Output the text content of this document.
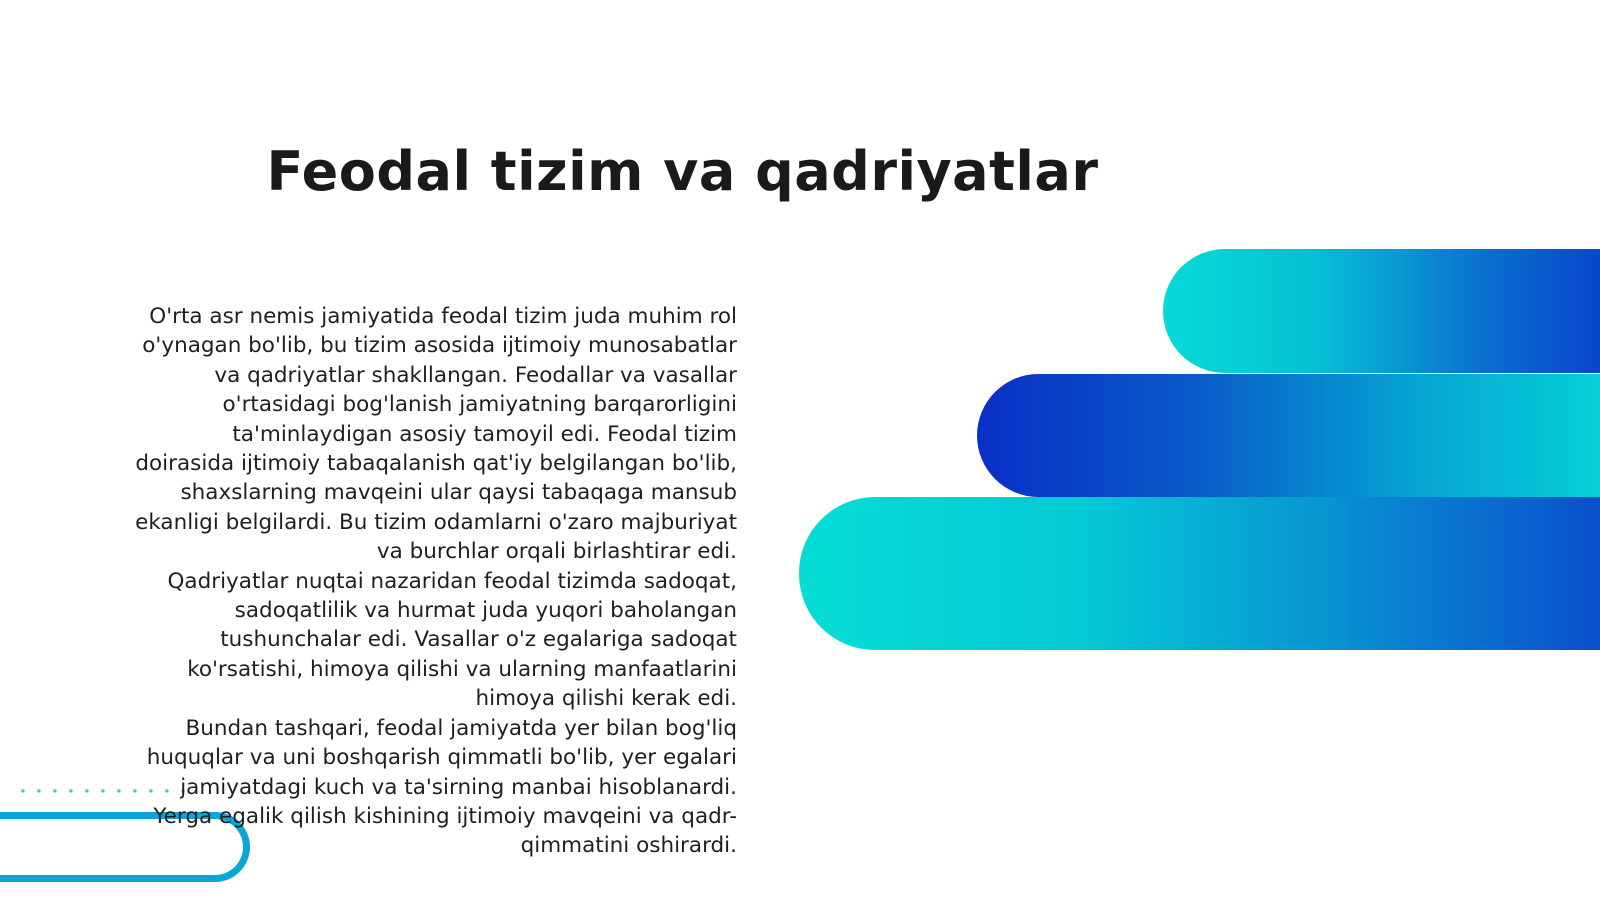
Feodal tizim va qadriyatlar

O'rta asr nemis jamiyatida feodal tizim juda muhim rol o'ynagan bo'lib, bu tizim asosida ijtimoiy munosabatlar va qadriyatlar shakllangan. Feodallar va vasallar o'rtasidagi bog'lanish jamiyatning barqarorligini ta'minlaydigan asosiy tamoyil edi. Feodal tizim doirasida ijtimoiy tabaqalanish qat'iy belgilangan bo'lib, shaxslarning mavqeini ular qaysi tabaqaga mansub ekanligi belgilardi. Bu tizim odamlarni o'zaro majburiyat va burchlar orqali birlashtirar edi.

Qadriyatlar nuqtai nazaridan feodal tizimda sadoqat, sadoqatlilik va hurmat juda yuqori baholangan tushunchalar edi. Vasallar o'z egalariga sadoqat ko'rsatishi, himoya qilishi va ularning manfaatlarini himoya qilishi kerak edi.

Bundan tashqari, feodal jamiyatda yer bilan bog'liq huquqlar va uni boshqarish qimmatli bo'lib, yer egalari jamiyatdagi kuch va ta'sirning manbai hisoblanardi. Yerga egalik qilish kishining ijtimoiy mavqeini va qadr-qimmatini oshirardi.
